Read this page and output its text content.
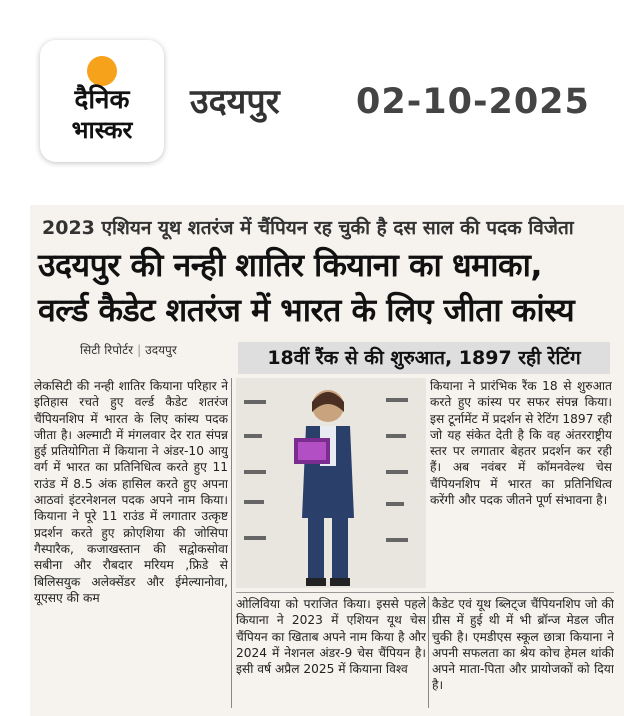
दैनिक
भास्कर
उदयपुर 02-10-2025
2023 एशियन यूथ शतरंज में चैंपियन रह चुकी है दस साल की पदक विजेता
उदयपुर की नन्ही शातिर कियाना का धमाका,
वर्ल्ड कैडेट शतरंज में भारत के लिए जीता कांस्य
सिटी रिपोर्टर | उदयपुर	18वीं रैंक से की शुरुआत, 1897 रही रेटिंग
लेकसिटी की नन्ही शातिर कियाना परिहार ने इतिहास रचते हुए वर्ल्ड कैडेट शतरंज चैंपियनशिप में भारत के लिए कांस्य पदक जीता है। अल्माटी में मंगलवार देर रात संपन्न हुई प्रतियोगिता में कियाना ने अंडर-10 आयु वर्ग में भारत का प्रतिनिधित्व करते हुए 11 राउंड में 8.5 अंक हासिल करते हुए अपना आठवां इंटरनेशनल पदक अपने नाम किया। कियाना ने पूरे 11 राउंड में लगातार उत्कृष्ट प्रदर्शन करते हुए क्रोएशिया की जोसिपा गैस्पारैक, कजाखस्तान की सद्वोकसोवा सबीना और रौबदार मरियम ,फ्रिडे से बिलिसयुक अलेक्सेंडर और ईमेल्यानोवा, यूएसए की कम
कियाना ने प्रारंभिक रैंक 18 से शुरुआत करते हुए कांस्य पर सफर संपन्न किया। इस टूर्नामेंट में प्रदर्शन से रेटिंग 1897 रही जो यह संकेत देती है कि वह अंतरराष्ट्रीय स्तर पर लगातार बेहतर प्रदर्शन कर रही हैं। अब नवंबर में कॉमनवेल्थ चेस चैंपियनशिप में भारत का प्रतिनिधित्व करेंगी और पदक जीतने पूर्ण संभावना है।
ओलिविया को पराजित किया। इससे पहले कियाना ने 2023 में एशियन यूथ चेस चैंपियन का खिताब अपने नाम किया है और 2024 में नेशनल अंडर-9 चेस चैंपियन है। इसी वर्ष अप्रैल 2025 में कियाना विश्व
कैडेट एवं यूथ ब्लिट्ज चैंपियनशिप जो की ग्रीस में हुई थी में भी ब्रॉन्ज मेडल जीत चुकी है। एमडीएस स्कूल छात्रा कियाना ने अपनी सफलता का श्रेय कोच हेमल थांकी अपने माता-पिता और प्रायोजकों को दिया है।
